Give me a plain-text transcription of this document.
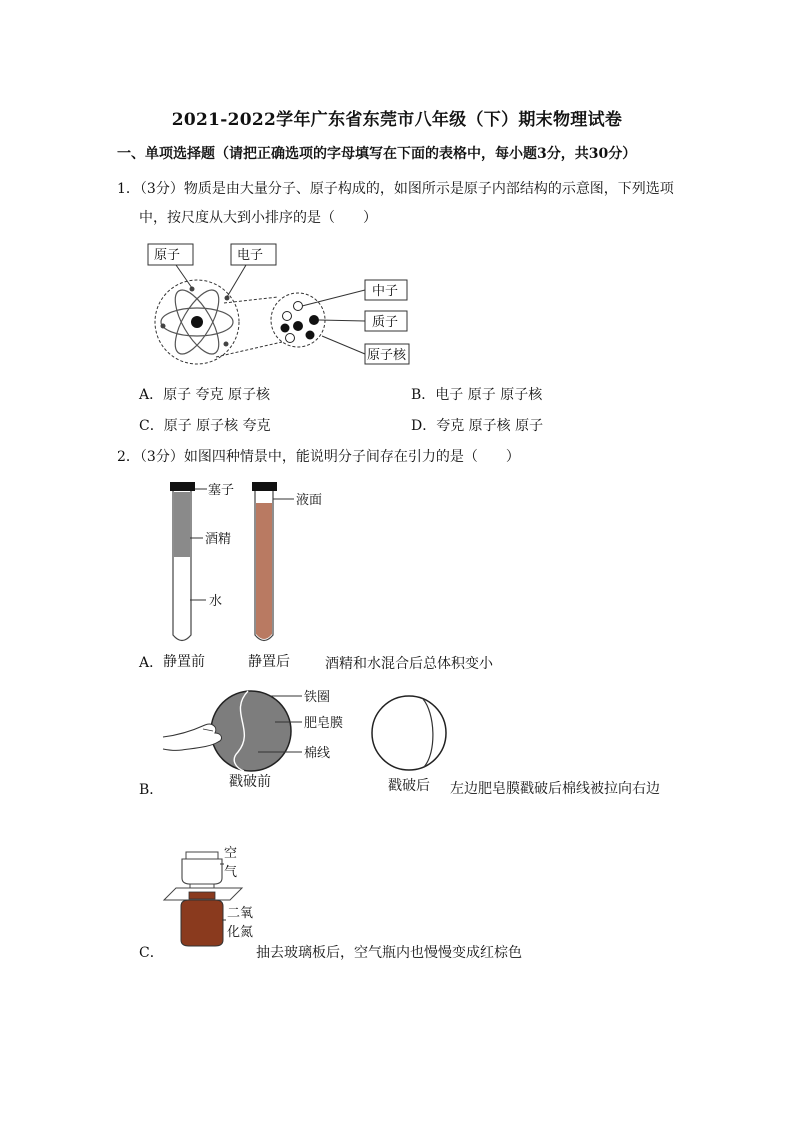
2021-2022学年广东省东莞市八年级（下）期末物理试卷
一、单项选择题（请把正确选项的字母填写在下面的表格中，每小题3分，共30分）
1．（3分）物质是由大量分子、原子构成的，如图所示是原子内部结构的示意图，下列选项
中，按尺度从大到小排序的是（　　）
原子	电子
中子
质子
原子核
塞子
酒精
水
液面
铁圈
肥皂膜
棉线
空
气
二氧
化氮
A．原子 夸克 原子核	B．电子 原子 原子核
C．原子 原子核 夸克	D．夸克 原子核 原子
2．（3分）如图四种情景中，能说明分子间存在引力的是（　　）
A． 静置前	静置后	酒精和水混合后总体积变小
B．	戳破前	戳破后 左边肥皂膜戳破后棉线被拉向右边
C．	抽去玻璃板后，空气瓶内也慢慢变成红棕色
